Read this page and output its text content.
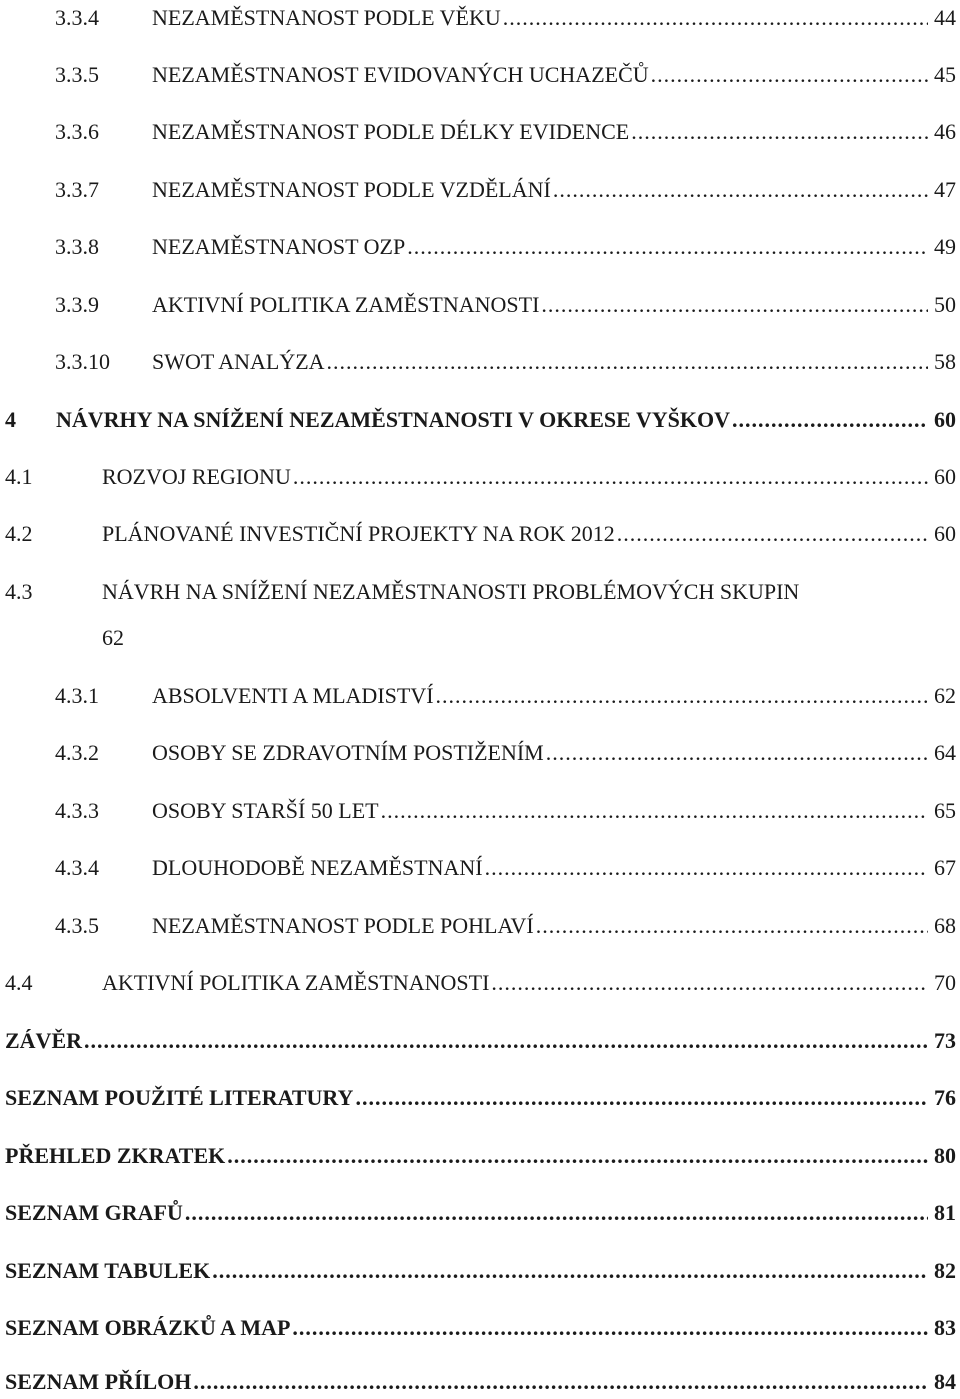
3.3.4 NEZAMĚSTNANOST PODLE VĚKU .....	44
3.3.5 NEZAMĚSTNANOST EVIDOVANÝCH UCHAZEČŮ .....	45
3.3.6 NEZAMĚSTNANOST PODLE DÉLKY EVIDENCE .....	46
3.3.7 NEZAMĚSTNANOST PODLE VZDĚLÁNÍ .....	47
3.3.8 NEZAMĚSTNANOST OZP .....	49
3.3.9 AKTIVNÍ POLITIKA ZAMĚSTNANOSTI .....	50
3.3.10 SWOT ANALÝZA .....	58
4 NÁVRHY NA SNÍŽENÍ NEZAMĚSTNANOSTI V OKRESE VYŠKOV .....	60
4.1	ROZVOJ REGIONU .....	60
4.2	PLÁNOVANÉ INVESTIČNÍ PROJEKTY NA ROK 2012 .....	60
4.3	NÁVRH NA SNÍŽENÍ NEZAMĚSTNANOSTI PROBLÉMOVÝCH SKUPIN
62
4.3.1 ABSOLVENTI A MLADISTVÍ .....	62
4.3.2 OSOBY SE ZDRAVOTNÍM POSTIŽENÍM .....	64
4.3.3 OSOBY STARŠÍ 50 LET .....	65
4.3.4 DLOUHODOBĚ NEZAMĚSTNANÍ .....	67
4.3.5 NEZAMĚSTNANOST PODLE POHLAVÍ .....	68
4.4	AKTIVNÍ POLITIKA ZAMĚSTNANOSTI .....	70
ZÁVĚR .....	73
SEZNAM POUŽITÉ LITERATURY .....	76
PŘEHLED ZKRATEK .....	80
SEZNAM GRAFŮ .....	81
SEZNAM TABULEK .....	82
SEZNAM OBRÁZKŮ A MAP .....	83
SEZNAM PŘÍLOH .....	84
